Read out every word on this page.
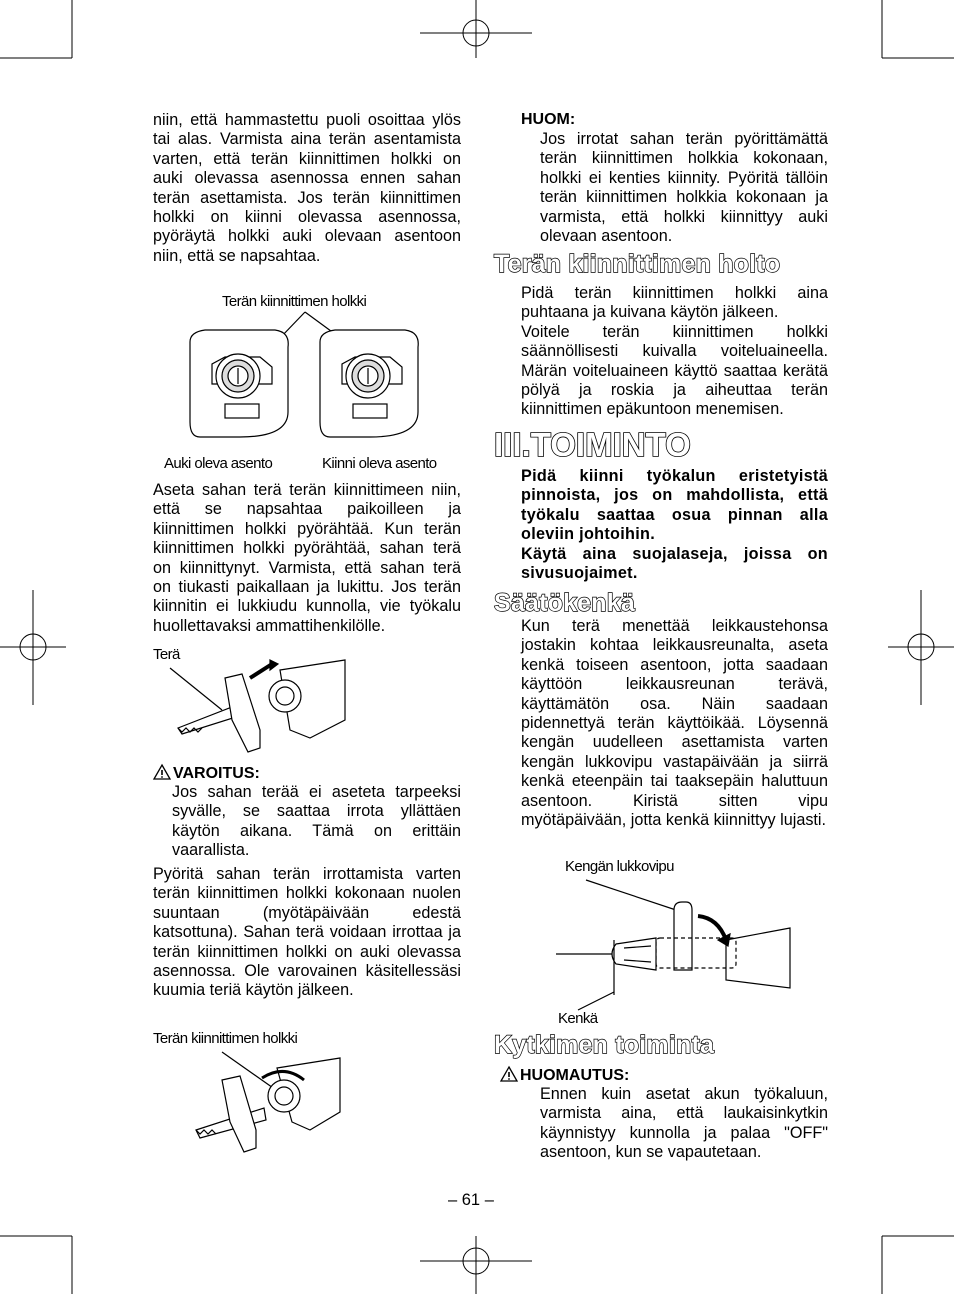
niin, että hammastettu puoli osoittaa ylös tai alas. Varmista aina terän asentamista varten, että terän kiinnittimen holkki on auki olevassa asennossa ennen sahan terän asettamista. Jos terän kiinnittimen holkki on kiinni olevassa asennossa, pyöräytä holkki auki olevaan asentoon niin, että se napsahtaa.

Terän kiinnittimen holkki
Auki oleva asento	Kiinni oleva asento

Aseta sahan terä terän kiinnittimeen niin, että se napsahtaa paikoilleen ja kiinnittimen holkki pyörähtää. Kun terän kiinnittimen holkki pyörähtää, sahan terä on kiinnittynyt. Varmista, että sahan terä on tiukasti paikallaan ja lukittu. Jos terän kiinnitin ei lukkiudu kunnolla, vie työkalu huollettavaksi ammattihenkilölle.

Terä
VAROITUS:

Jos sahan terää ei aseteta tarpeeksi syvälle, se saattaa irrota yllättäen käytön aikana. Tämä on erittäin vaarallista.

Pyöritä sahan terän irrottamista varten terän kiinnittimen holkki kokonaan nuolen suuntaan (myötäpäivään edestä katsottuna). Sahan terä voidaan irrottaa ja terän kiinnittimen holkki on auki olevassa asennossa. Ole varovainen käsitellessäsi kuumia teriä käytön jälkeen.

Terän kiinnittimen holkki
HUOM:

Jos irrotat sahan terän pyörittämättä terän kiinnittimen holkkia kokonaan, holkki ei kenties kiinnity. Pyöritä tällöin terän kiinnittimen holkkia kokonaan ja varmista, että holkki kiinnittyy auki olevaan asentoon.

Terän kiinnittimen holto

Pidä terän kiinnittimen holkki aina puhtaana ja kuivana käytön jälkeen.

Voitele terän kiinnittimen holkki säännöllisesti kuivalla voiteluaineella. Märän voiteluaineen käyttö saattaa kerätä pölyä ja roskia ja aiheuttaa terän kiinnittimen epäkuntoon menemisen.

III.TOIMINTO

Pidä kiinni työkalun eristetyistä pinnoista, jos on mahdollista, että työkalu saattaa osua pinnan alla oleviin johtoihin.

Käytä aina suojalaseja, joissa on sivusuojaimet.

Säätökenkä

Kun terä menettää leikkaustehonsa jostakin kohtaa leikkausreunalta, aseta kenkä toiseen asentoon, jotta saadaan käyttöön leikkausreunan terävä, käyttämätön osa. Näin saadaan pidennettyä terän käyttöikää. Löysennä kengän uudelleen asettamista varten kengän lukkovipu vastapäivään ja siirrä kenkä eteenpäin tai taaksepäin haluttuun asentoon. Kiristä sitten vipu myötäpäivään, jotta kenkä kiinnittyy lujasti.

Kengän lukkovipu
Kenkä
Kytkimen toiminta
HUOMAUTUS:

Ennen kuin asetat akun työkaluun, varmista aina, että laukaisinkytkin käynnistyy kunnolla ja palaa "OFF" asentoon, kun se vapautetaan.

– 61 –
